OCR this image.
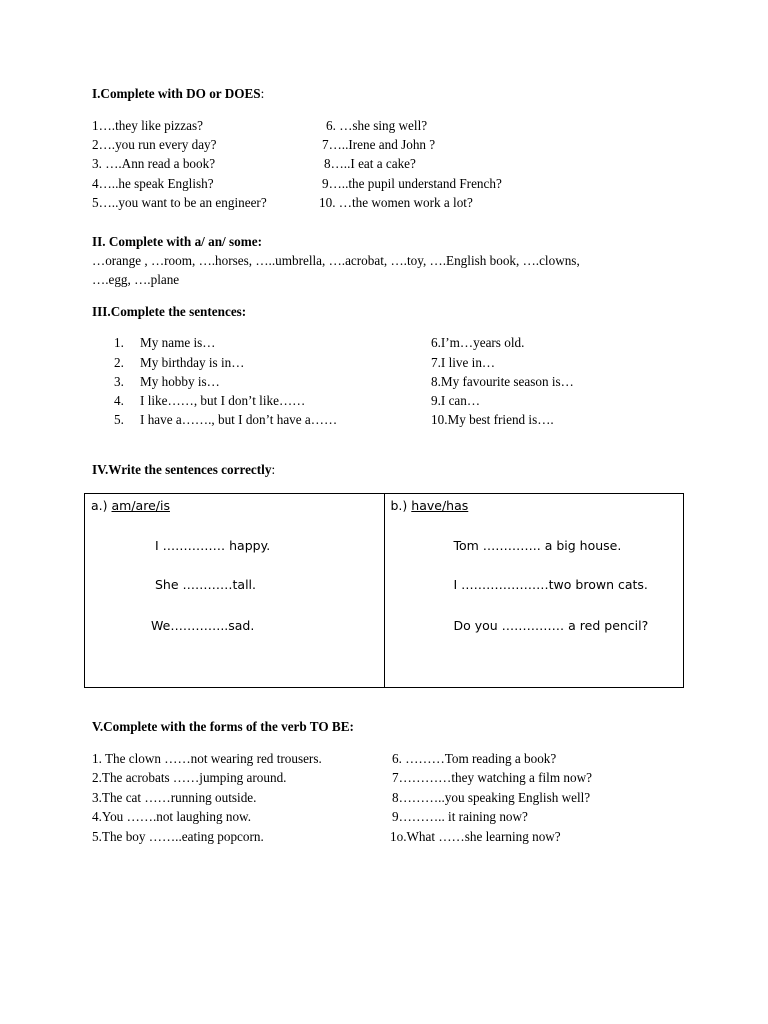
I.Complete with DO or DOES:
1….they like pizzas?
2….you run every day?
3. ….Ann read a book?
4…..he speak English?
5…..you want to be an engineer?
6. …she sing well?
7…..Irene and John ?
8…..I eat a cake?
9…..the pupil understand French?
10. …the women work a lot?
II. Complete with a/ an/ some:
…orange , …room, ….horses, …..umbrella, ….acrobat, ….toy, ….English book, ….clowns,
….egg, ….plane
III.Complete the sentences:
1. My name is…
2. My birthday is in…
3. My hobby is…
4. I like……, but I don’t like……
5. I have a……., but I don’t have a……
6.I’m…years old.
7.I live in…
8.My favourite season is…
9.I can…
10.My best friend is….
IV.Write the sentences correctly:
a.) am/are/is
I …………… happy.
She …………tall.
We…………..sad.

b.) have/has
Tom ………….. a big house.
I …………………two brown cats.
Do you …………… a red pencil?
V.Complete with the forms of the verb TO BE:
1. The clown ……not wearing red trousers.
2.The acrobats ……jumping around.
3.The cat ……running outside.
4.You …….not laughing now.
5.The boy ……..eating popcorn.
6. ………Tom reading a book?
7…………they watching a film now?
8………..you speaking English well?
9……….. it raining now?
1o.What ……she learning now?
